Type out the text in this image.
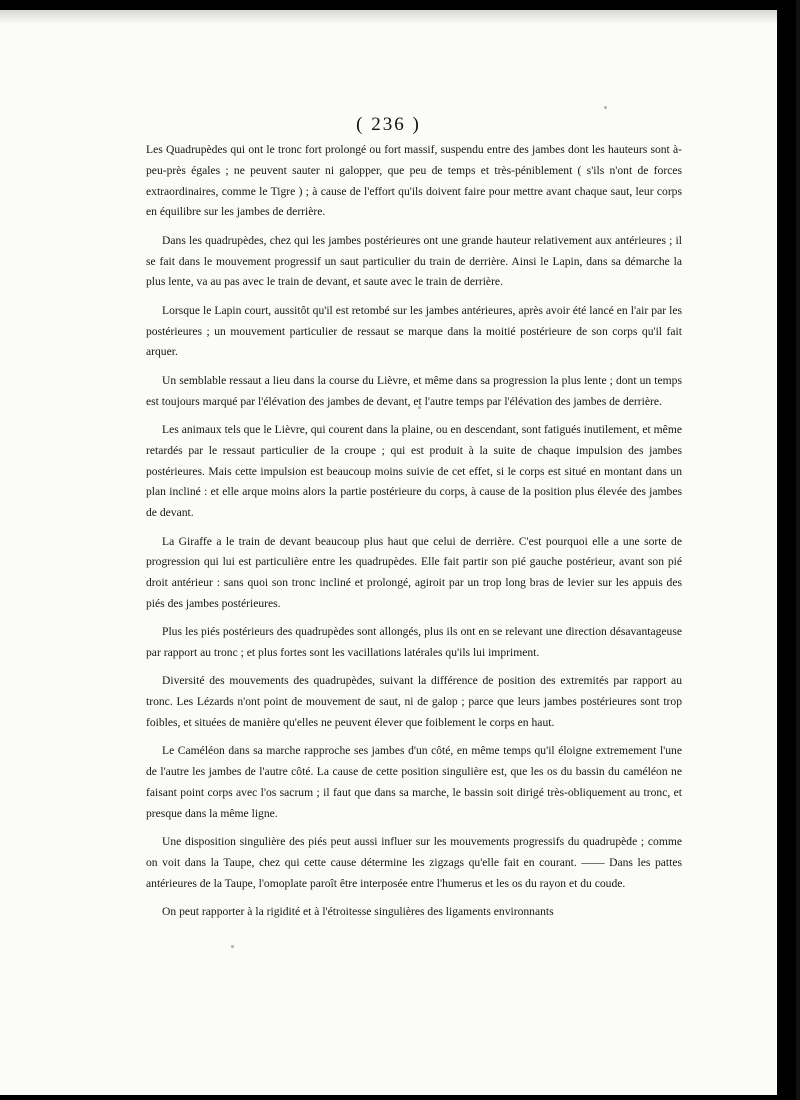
( 236 )

Les Quadrupèdes qui ont le tronc fort prolongé ou fort massif, suspendu entre des jambes dont les hauteurs sont à-peu-près égales ; ne peuvent sauter ni galopper, que peu de temps et très-péniblement ( s'ils n'ont de forces extraordinaires, comme le Tigre ) ; à cause de l'effort qu'ils doivent faire pour mettre avant chaque saut, leur corps en équilibre sur les jambes de derrière.

Dans les quadrupèdes, chez qui les jambes postérieures ont une grande hauteur relativement aux antérieures ; il se fait dans le mouvement progressif un saut particulier du train de derrière. Ainsi le Lapin, dans sa démarche la plus lente, va au pas avec le train de devant, et saute avec le train de derrière.

Lorsque le Lapin court, aussitôt qu'il est retombé sur les jambes antérieures, après avoir été lancé en l'air par les postérieures ; un mouvement particulier de ressaut se marque dans la moitié postérieure de son corps qu'il fait arquer.

Un semblable ressaut a lieu dans la course du Lièvre, et même dans sa progression la plus lente ; dont un temps est toujours marqué par l'élévation des jambes de devant, et l'autre temps par l'élévation des jambes de derrière.

Les animaux tels que le Lièvre, qui courent dans la plaine, ou en descendant, sont fatigués inutilement, et même retardés par le ressaut particulier de la croupe ; qui est produit à la suite de chaque impulsion des jambes postérieures. Mais cette impulsion est beaucoup moins suivie de cet effet, si le corps est situé en montant dans un plan incliné : et elle arque moins alors la partie postérieure du corps, à cause de la position plus élevée des jambes de devant.

La Giraffe a le train de devant beaucoup plus haut que celui de derrière. C'est pourquoi elle a une sorte de progression qui lui est particulière entre les quadrupèdes. Elle fait partir son pié gauche postérieur, avant son pié droit antérieur : sans quoi son tronc incliné et prolongé, agiroit par un trop long bras de levier sur les appuis des piés des jambes postérieures.

Plus les piés postérieurs des quadrupèdes sont allongés, plus ils ont en se relevant une direction désavantageuse par rapport au tronc ; et plus fortes sont les vacillations latérales qu'ils lui impriment.

Diversité des mouvements des quadrupèdes, suivant la différence de position des extremités par rapport au tronc. Les Lézards n'ont point de mouvement de saut, ni de galop ; parce que leurs jambes postérieures sont trop foibles, et situées de manière qu'elles ne peuvent élever que foiblement le corps en haut.

Le Caméléon dans sa marche rapproche ses jambes d'un côté, en même temps qu'il éloigne extremement l'une de l'autre les jambes de l'autre côté. La cause de cette position singulière est, que les os du bassin du caméléon ne faisant point corps avec l'os sacrum ; il faut que dans sa marche, le bassin soit dirigé très-obliquement au tronc, et presque dans la même ligne.

Une disposition singulière des piés peut aussi influer sur les mouvements progressifs du quadrupède ; comme on voit dans la Taupe, chez qui cette cause détermine les zigzags qu'elle fait en courant. —— Dans les pattes antérieures de la Taupe, l'omoplate paroît être interposée entre l'humerus et les os du rayon et du coude.

On peut rapporter à la rigidité et à l'étroitesse singulières des ligaments environnants
